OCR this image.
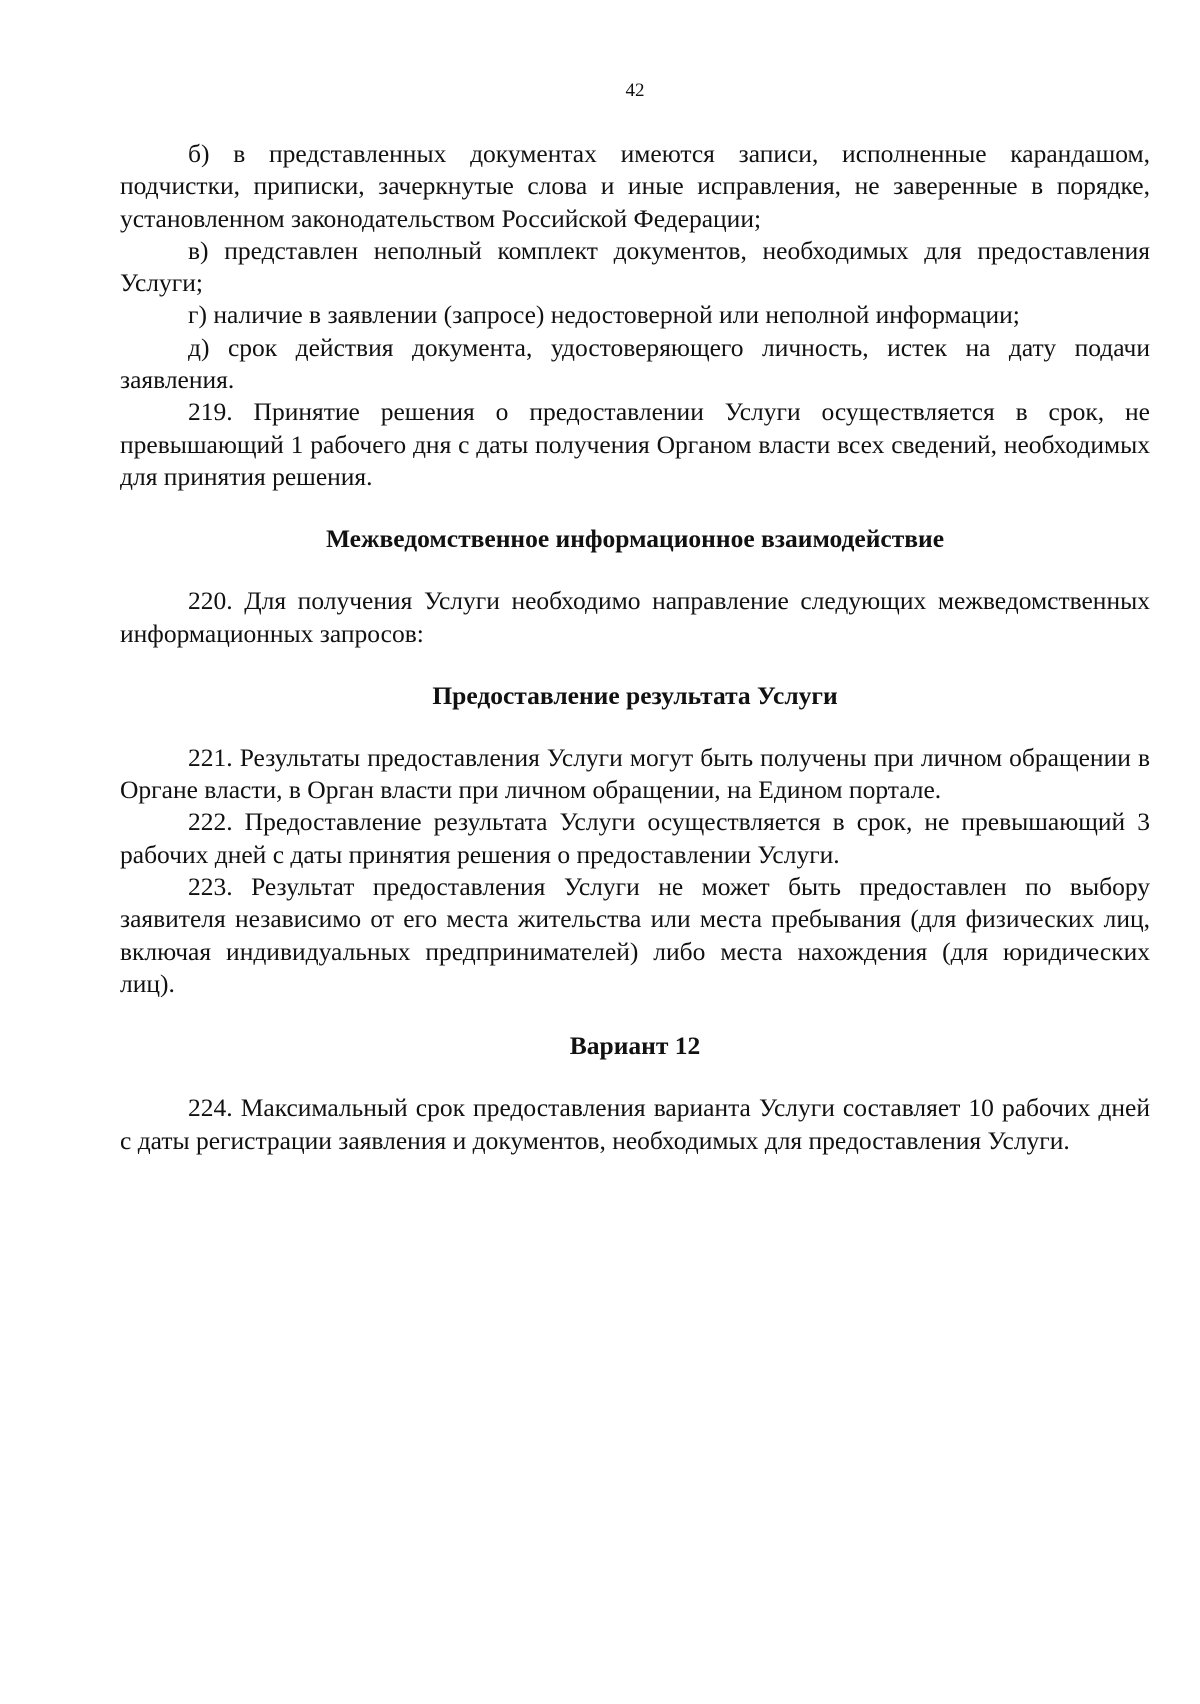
42

б) в представленных документах имеются записи, исполненные карандашом, подчистки, приписки, зачеркнутые слова и иные исправления, не заверенные в порядке, установленном законодательством Российской Федерации;

в) представлен неполный комплект документов, необходимых для предоставления Услуги;

г) наличие в заявлении (запросе) недостоверной или неполной информации;

д) срок действия документа, удостоверяющего личность, истек на дату подачи заявления.

219. Принятие решения о предоставлении Услуги осуществляется в срок, не превышающий 1 рабочего дня с даты получения Органом власти всех сведений, необходимых для принятия решения.

Межведомственное информационное взаимодействие

220. Для получения Услуги необходимо направление следующих межведомственных информационных запросов:

Предоставление результата Услуги

221. Результаты предоставления Услуги могут быть получены при личном обращении в Органе власти, в Орган власти при личном обращении, на Едином портале.

222. Предоставление результата Услуги осуществляется в срок, не превышающий 3 рабочих дней с даты принятия решения о предоставлении Услуги.

223. Результат предоставления Услуги не может быть предоставлен по выбору заявителя независимо от его места жительства или места пребывания (для физических лиц, включая индивидуальных предпринимателей) либо места нахождения (для юридических лиц).

Вариант 12

224. Максимальный срок предоставления варианта Услуги составляет 10 рабочих дней с даты регистрации заявления и документов, необходимых для предоставления Услуги.
